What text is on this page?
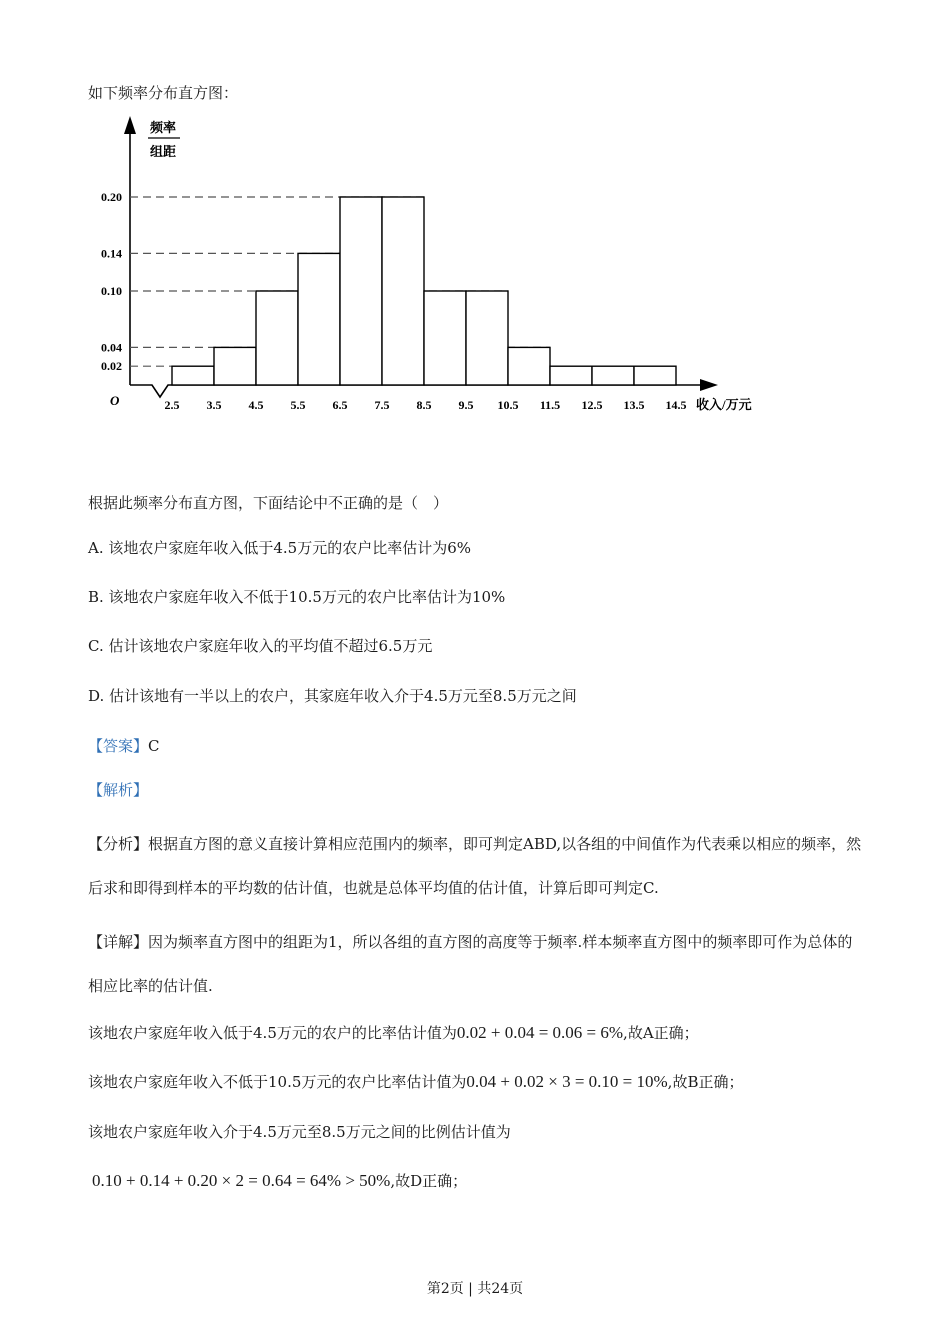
如下频率分布直方图：
频率
组距
O
0.20
0.14
0.10
0.04
0.02
2.5 3.5 4.5 5.5 6.5 7.5 8.5 9.5 10.5 11.5 12.5 13.5 14.5 收入/万元
根据此频率分布直方图，下面结论中不正确的是（　）
A. 该地农户家庭年收入低于4.5万元的农户比率估计为6%
B. 该地农户家庭年收入不低于10.5万元的农户比率估计为10%
C. 估计该地农户家庭年收入的平均值不超过6.5万元
D. 估计该地有一半以上的农户，其家庭年收入介于4.5万元至8.5万元之间
【答案】C
【解析】
【分析】根据直方图的意义直接计算相应范围内的频率，即可判定ABD,以各组的中间值作为代表乘以相应的频率，然后求和即得到样本的平均数的估计值，也就是总体平均值的估计值，计算后即可判定C.
【详解】因为频率直方图中的组距为1，所以各组的直方图的高度等于频率.样本频率直方图中的频率即可作为总体的相应比率的估计值.
该地农户家庭年收入低于4.5万元的农户的比率估计值为0.02 + 0.04 = 0.06 = 6%,故A正确；
该地农户家庭年收入不低于10.5万元的农户比率估计值为0.04 + 0.02 × 3 = 0.10 = 10%,故B正确；
该地农户家庭年收入介于4.5万元至8.5万元之间的比例估计值为
0.10 + 0.14 + 0.20 × 2 = 0.64 = 64% > 50%,故D正确；
第2页 | 共24页
